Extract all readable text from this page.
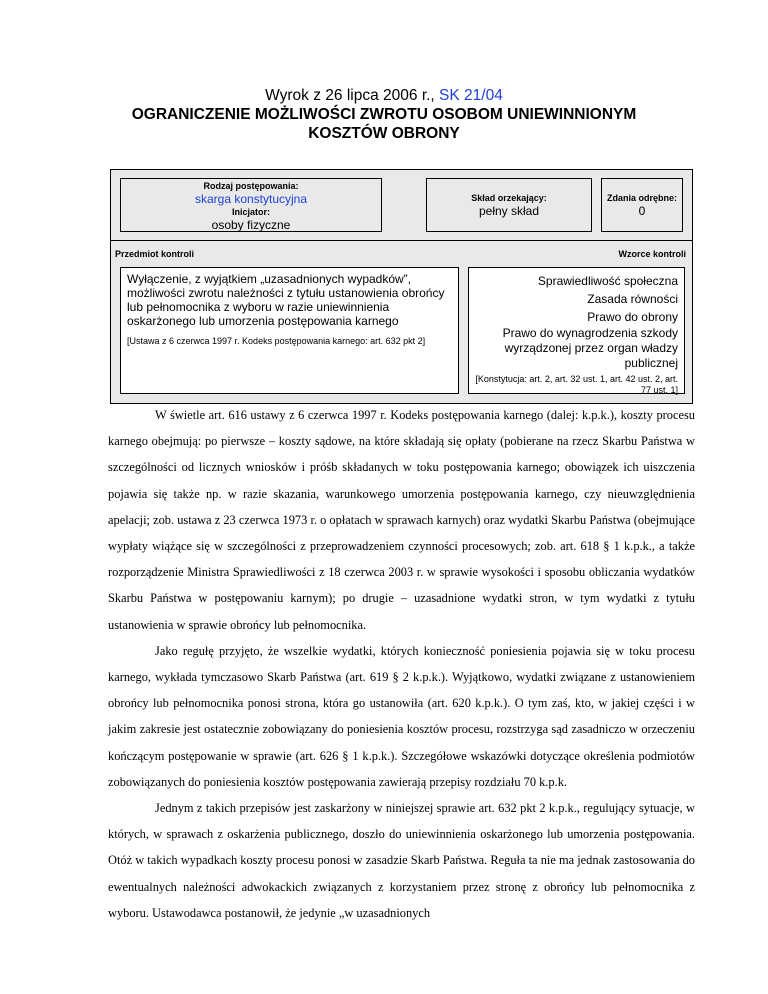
Wyrok z 26 lipca 2006 r., SK 21/04
OGRANICZENIE MOŻLIWOŚCI ZWROTU OSOBOM UNIEWINNIONYM
KOSZTÓW OBRONY
Rodzaj postępowania:
skarga konstytucyjna
Inicjator:
osoby fizyczne
Skład orzekający:
pełny skład
Zdania odrębne:
0
Przedmiot kontroli	Wzorce kontroli
Wyłączenie, z wyjątkiem „uzasadnionych wypadków”, możliwości zwrotu należności z tytułu ustanowienia obrońcy lub pełnomocnika z wyboru w razie uniewinnienia oskarżonego lub umorzenia postępowania karnego
[Ustawa z 6 czerwca 1997 r. Kodeks postępowania karnego: art. 632 pkt 2]
Sprawiedliwość społeczna
Zasada równości
Prawo do obrony
Prawo do wynagrodzenia szkody wyrządzonej przez organ władzy publicznej
[Konstytucja: art. 2, art. 32 ust. 1, art. 42 ust. 2, art. 77 ust. 1]

W świetle art. 616 ustawy z 6 czerwca 1997 r. Kodeks postępowania karnego (dalej: k.p.k.), koszty procesu karnego obejmują: po pierwsze – koszty sądowe, na które składają się opłaty (pobierane na rzecz Skarbu Państwa w szczególności od licznych wniosków i próśb składanych w toku postępowania karnego; obowiązek ich uiszczenia pojawia się także np. w razie skazania, warunkowego umorzenia postępowania karnego, czy nieuwzględnienia apelacji; zob. ustawa z 23 czerwca 1973 r. o opłatach w sprawach karnych) oraz wydatki Skarbu Państwa (obejmujące wypłaty wiążące się w szczególności z przeprowadzeniem czynności procesowych; zob. art. 618 § 1 k.p.k., a także rozporządzenie Ministra Sprawiedliwości z 18 czerwca 2003 r. w sprawie wysokości i sposobu obliczania wydatków Skarbu Państwa w postępowaniu karnym); po drugie – uzasadnione wydatki stron, w tym wydatki z tytułu ustanowienia w sprawie obrońcy lub pełnomocnika.

Jako regułę przyjęto, że wszelkie wydatki, których konieczność poniesienia pojawia się w toku procesu karnego, wykłada tymczasowo Skarb Państwa (art. 619 § 2 k.p.k.). Wyjątkowo, wydatki związane z ustanowieniem obrońcy lub pełnomocnika ponosi strona, która go ustanowiła (art. 620 k.p.k.). O tym zaś, kto, w jakiej części i w jakim zakresie jest ostatecznie zobowiązany do poniesienia kosztów procesu, rozstrzyga sąd zasadniczo w orzeczeniu kończącym postępowanie w sprawie (art. 626 § 1 k.p.k.). Szczegółowe wskazówki dotyczące określenia podmiotów zobowiązanych do poniesienia kosztów postępowania zawierają przepisy rozdziału 70 k.p.k.

Jednym z takich przepisów jest zaskarżony w niniejszej sprawie art. 632 pkt 2 k.p.k., regulujący sytuacje, w których, w sprawach z oskarżenia publicznego, doszło do uniewinnienia oskarżonego lub umorzenia postępowania. Otóż w takich wypadkach koszty procesu ponosi w zasadzie Skarb Państwa. Reguła ta nie ma jednak zastosowania do ewentualnych należności adwokackich związanych z korzystaniem przez stronę z obrońcy lub pełnomocnika z wyboru. Ustawodawca postanowił, że jedynie „w uzasadnionych
